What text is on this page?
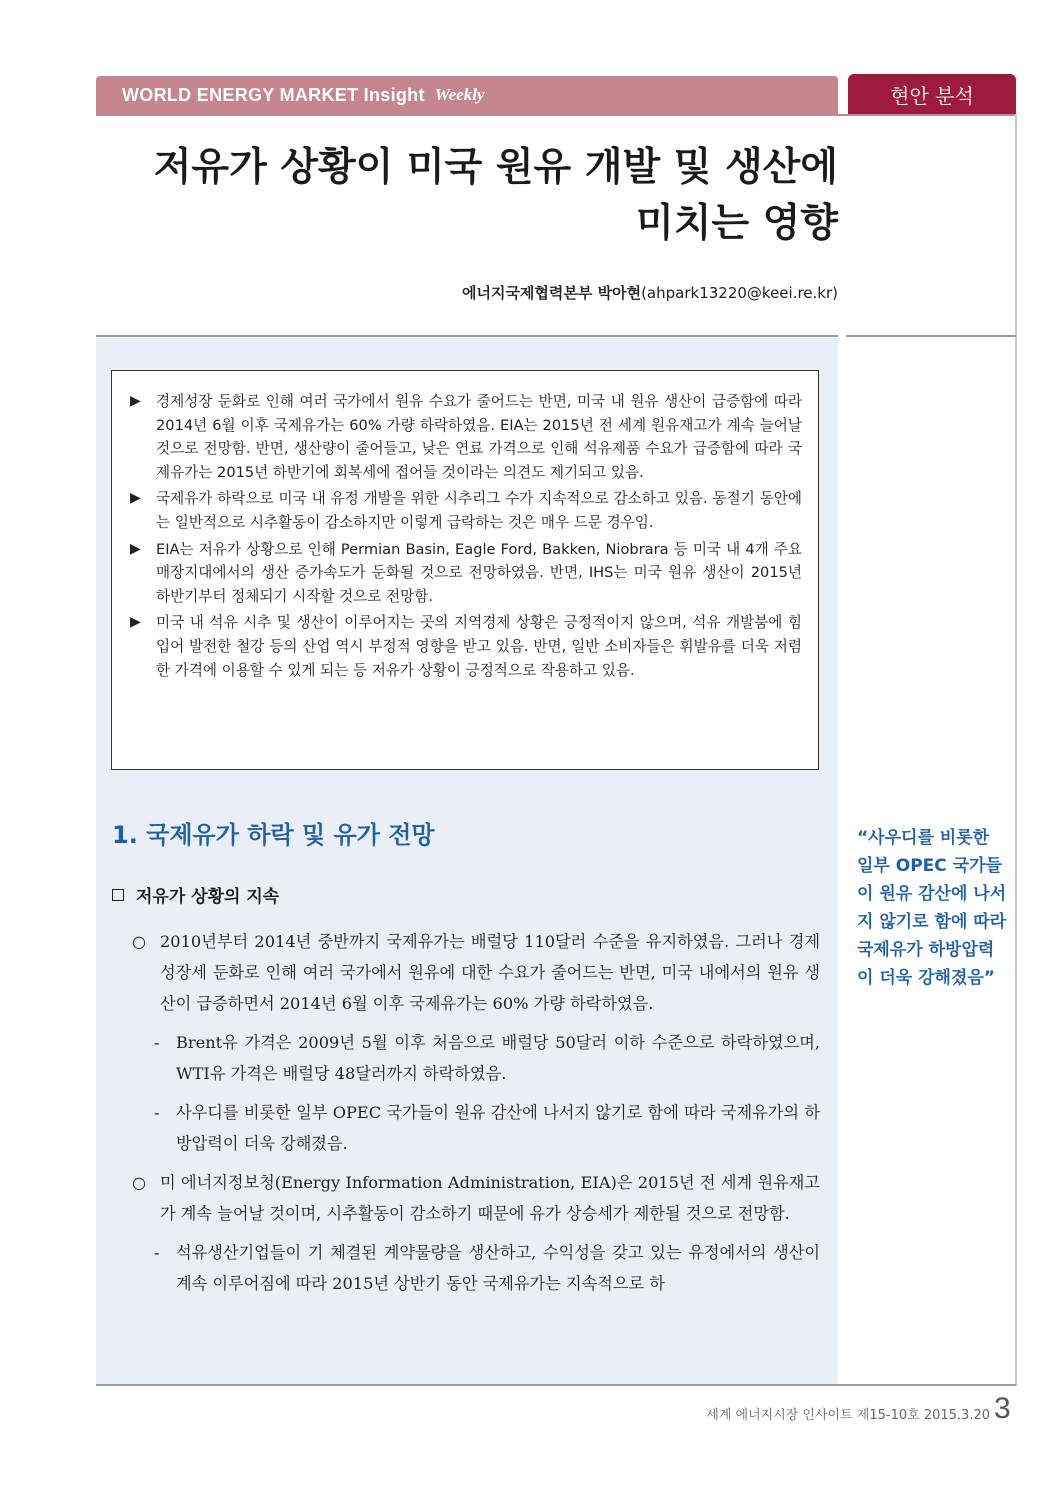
WORLD ENERGY MARKET Insight Weekly	현안 분석
저유가 상황이 미국 원유 개발 및 생산에
미치는 영향
에너지국제협력본부 박아현(ahpark13220@keei.re.kr)
▶ 경제성장 둔화로 인해 여러 국가에서 원유 수요가 줄어드는 반면, 미국 내 원유 생산이 급증함에 따라 2014년 6월 이후 국제유가는 60% 가량 하락하였음. EIA는 2015년 전 세계 원유재고가 계속 늘어날 것으로 전망함. 반면, 생산량이 줄어들고, 낮은 연료 가격으로 인해 석유제품 수요가 급증함에 따라 국제유가는 2015년 하반기에 회복세에 접어들 것이라는 의견도 제기되고 있음.
▶ 국제유가 하락으로 미국 내 유정 개발을 위한 시추리그 수가 지속적으로 감소하고 있음. 동절기 동안에는 일반적으로 시추활동이 감소하지만 이렇게 급락하는 것은 매우 드문 경우임.
▶ EIA는 저유가 상황으로 인해 Permian Basin, Eagle Ford, Bakken, Niobrara 등 미국 내 4개 주요 매장지대에서의 생산 증가속도가 둔화될 것으로 전망하였음. 반면, IHS는 미국 원유 생산이 2015년 하반기부터 정체되기 시작할 것으로 전망함.
▶ 미국 내 석유 시추 및 생산이 이루어지는 곳의 지역경제 상황은 긍정적이지 않으며, 석유 개발붐에 힘입어 발전한 철강 등의 산업 역시 부정적 영향을 받고 있음. 반면, 일반 소비자들은 휘발유를 더욱 저렴한 가격에 이용할 수 있게 되는 등 저유가 상황이 긍정적으로 작용하고 있음.
1. 국제유가 하락 및 유가 전망
저유가 상황의 지속
○ 2010년부터 2014년 중반까지 국제유가는 배럴당 110달러 수준을 유지하였음. 그러나 경제성장세 둔화로 인해 여러 국가에서 원유에 대한 수요가 줄어드는 반면, 미국 내에서의 원유 생산이 급증하면서 2014년 6월 이후 국제유가는 60% 가량 하락하였음.
- Brent유 가격은 2009년 5월 이후 처음으로 배럴당 50달러 이하 수준으로 하락하였으며, WTI유 가격은 배럴당 48달러까지 하락하였음.
- 사우디를 비롯한 일부 OPEC 국가들이 원유 감산에 나서지 않기로 함에 따라 국제유가의 하방압력이 더욱 강해졌음.
○ 미 에너지정보청(Energy Information Administration, EIA)은 2015년 전 세계 원유재고가 계속 늘어날 것이며, 시추활동이 감소하기 때문에 유가 상승세가 제한될 것으로 전망함.
- 석유생산기업들이 기 체결된 계약물량을 생산하고, 수익성을 갖고 있는 유정에서의 생산이 계속 이루어짐에 따라 2015년 상반기 동안 국제유가는 지속적으로 하
“사우디를 비롯한 일부 OPEC 국가들이 원유 감산에 나서지 않기로 함에 따라 국제유가 하방압력이 더욱 강해졌음”
세계 에너지시장 인사이트 제15-10호 2015.3.20 3
